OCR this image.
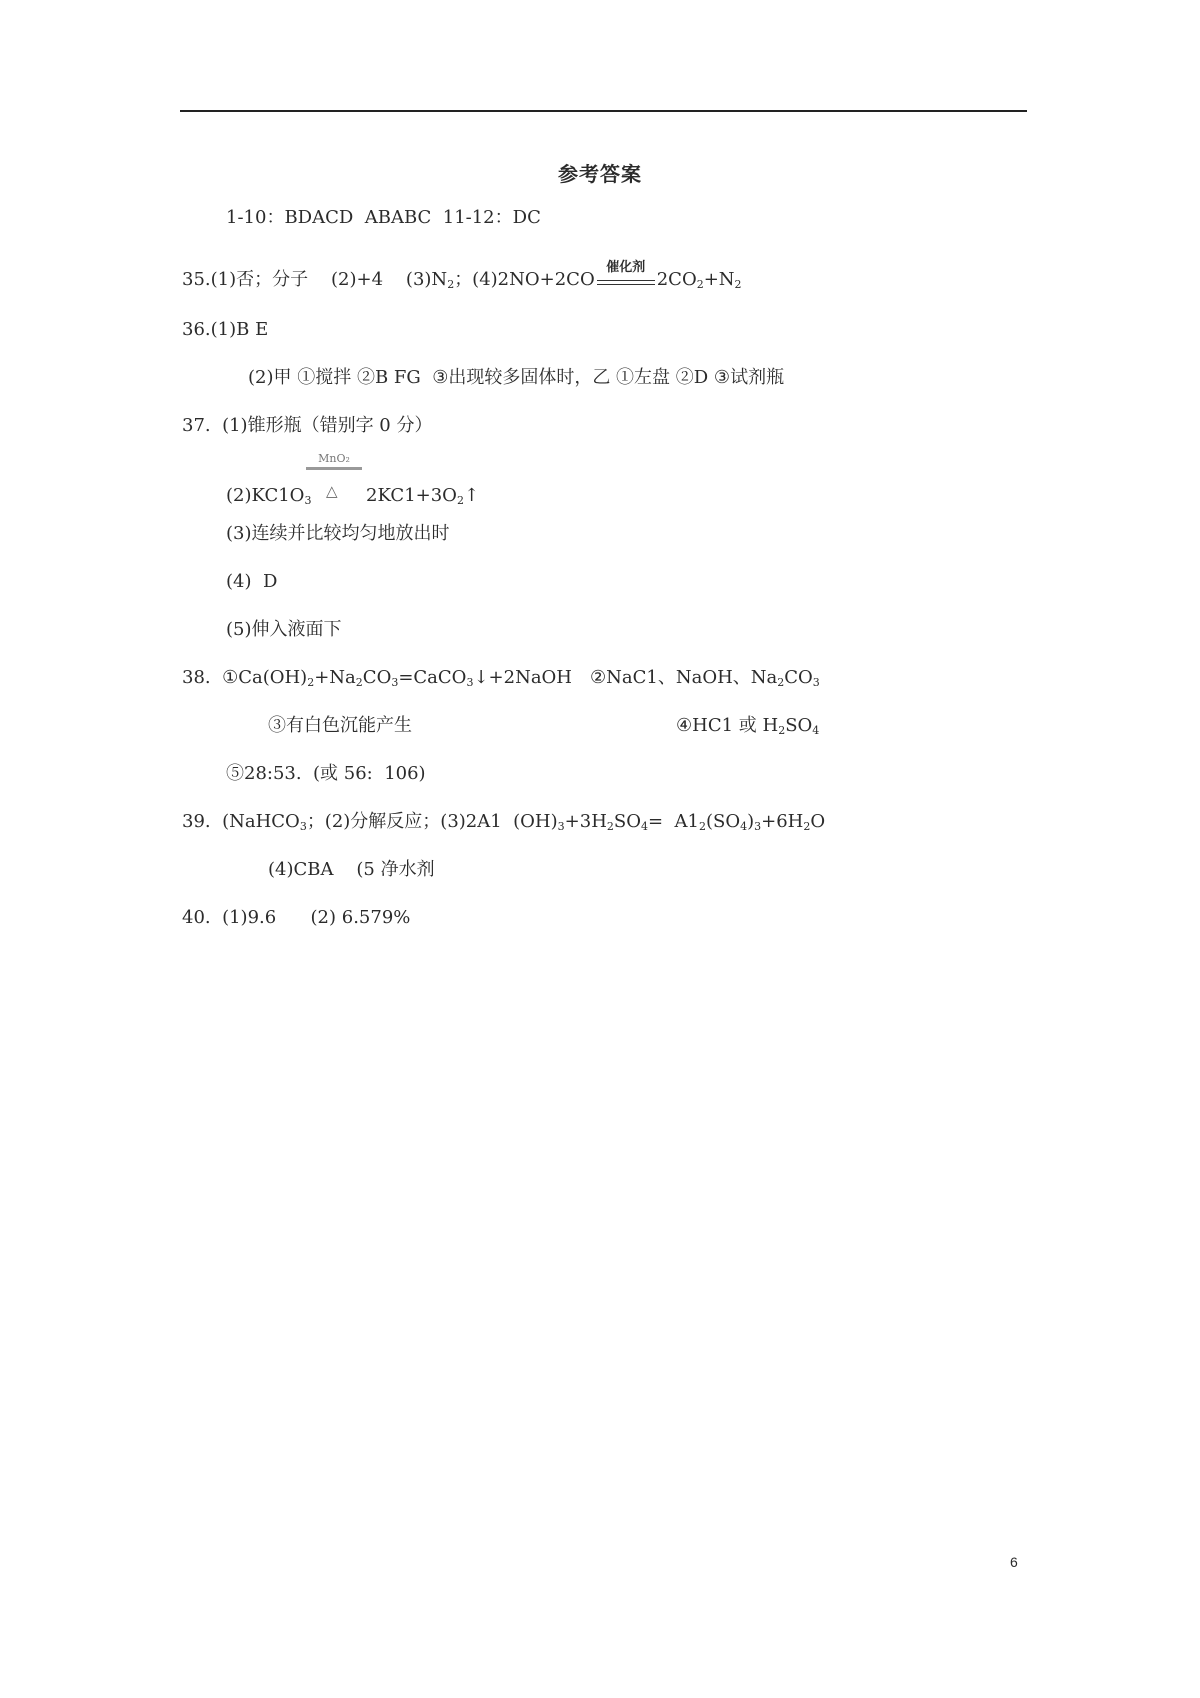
参考答案
1-10：BDACD  ABABC  11-12：DC
35.(1)否；分子    (2)+4    $(3)N_2$；(4)2NO+2CO
催化剂
$2CO_2+N_2$
36.(1)B E
(2)甲 ①搅拌 ②B FG  ③出现较多固体时，乙 ①左盘 ②D ③试剂瓶
37.  (1)锥形瓶（错别字 0 分）
MnO₂
△
$(2)KC1O_3$	$2KC1+3O_2↑$
(3)连续并比较均匀地放出时
(4)  D
(5)伸入液面下
38.  $①Ca(OH)_2+Na_2CO_3=CaCO_3↓+2NaOH$ ②NaC1、NaOH、$Na_2CO_3$
③有白色沉能产生	④HC1 或 $H_2SO_4$
⑤28:53.  (或 56:  106)
39.  (NaHCO$_3$；(2)分解反应；(3)2A1  $(OH)_3+3H_2SO_4= A1_2(SO_4)_3+6H_2O$
(4)CBA    (5 净水剂
40.  (1)9.6      (2) 6.579%
6
